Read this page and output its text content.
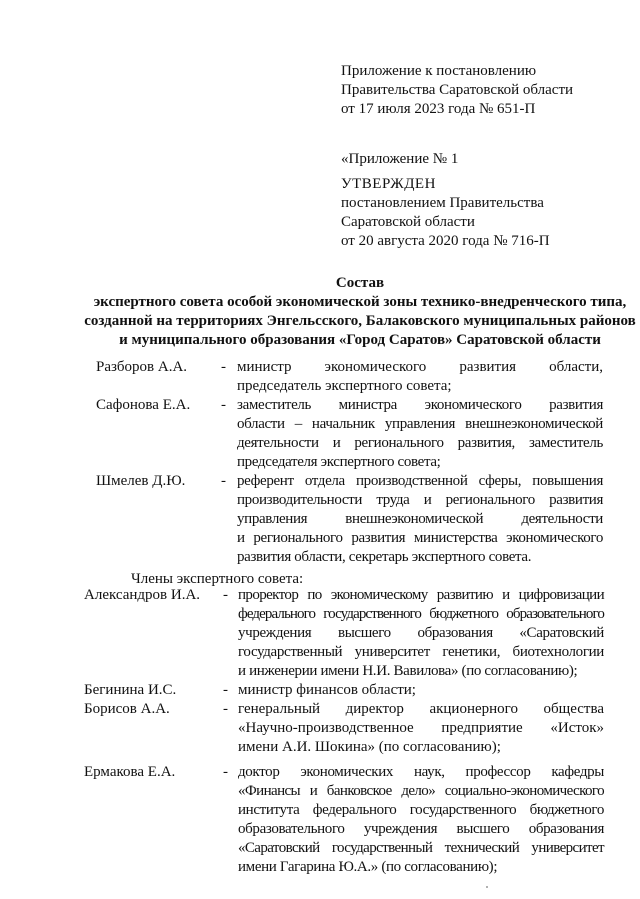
Приложение к постановлению
Правительства Саратовской области
от 17 июля 2023 года № 651-П
«Приложение № 1
УТВЕРЖДЕН
постановлением Правительства
Саратовской области
от 20 августа 2020 года № 716-П
Состав
экспертного совета особой экономической зоны технико-внедренческого типа,
созданной на территориях Энгельсского, Балаковского муниципальных районов
и муниципального образования «Город Саратов» Саратовской области
Разборов А.А.	- министр экономического развития области,
председатель экспертного совета;
Сафонова Е.А.	- заместитель министра экономического развития
области – начальник управления внешнеэкономической
деятельности и регионального развития, заместитель
председателя экспертного совета;
Шмелев Д.Ю.	- референт отдела производственной сферы, повышения
производительности труда и регионального развития
управления внешнеэкономической деятельности
и регионального развития министерства экономического
развития области, секретарь экспертного совета.
Члены экспертного совета:
Александров И.А.	- проректор по экономическому развитию и цифровизации
федерального государственного бюджетного образовательного
учреждения высшего образования «Саратовский
государственный университет генетики, биотехнологии
и инженерии имени Н.И. Вавилова» (по согласованию);
Бегинина И.С.	- министр финансов области;
Борисов А.А.	- генеральный директор акционерного общества
«Научно-производственное предприятие «Исток»
имени А.И. Шокина» (по согласованию);
Ермакова Е.А.	- доктор экономических наук, профессор кафедры
«Финансы и банковское дело» социально-экономического
института федерального государственного бюджетного
образовательного учреждения высшего образования
«Саратовский государственный технический университет
имени Гагарина Ю.А.» (по согласованию);
